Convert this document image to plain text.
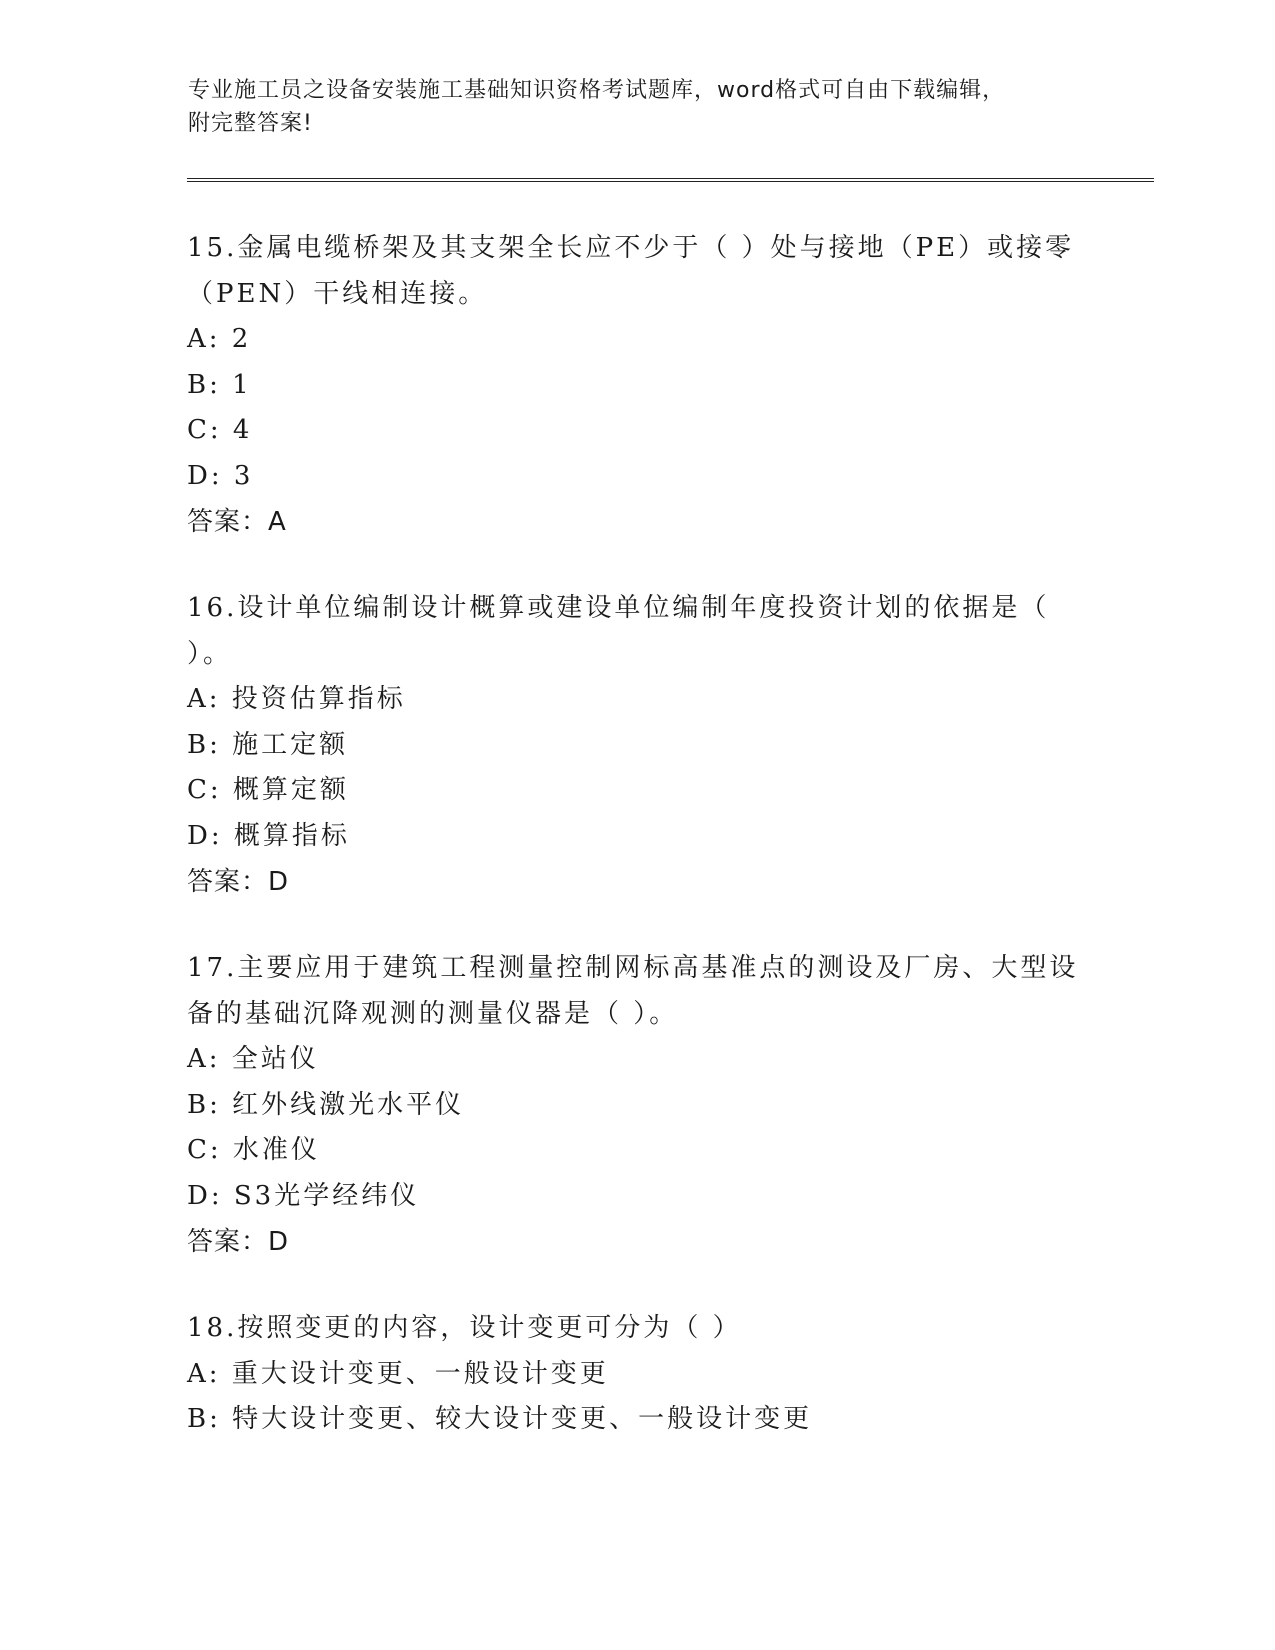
专业施工员之设备安装施工基础知识资格考试题库，word格式可自由下载编辑，
附完整答案!
15.金属电缆桥架及其支架全长应不少于（ ）处与接地（PE）或接零
（PEN）干线相连接。
A: 2
B: 1
C: 4
D: 3
答案：A
16.设计单位编制设计概算或建设单位编制年度投资计划的依据是（
）。
A: 投资估算指标
B: 施工定额
C: 概算定额
D: 概算指标
答案：D
17.主要应用于建筑工程测量控制网标高基准点的测设及厂房、大型设
备的基础沉降观测的测量仪器是（ ）。
A: 全站仪
B: 红外线激光水平仪
C: 水准仪
D: S3光学经纬仪
答案：D
18.按照变更的内容，设计变更可分为（ ）
A: 重大设计变更、一般设计变更
B: 特大设计变更、较大设计变更、一般设计变更
